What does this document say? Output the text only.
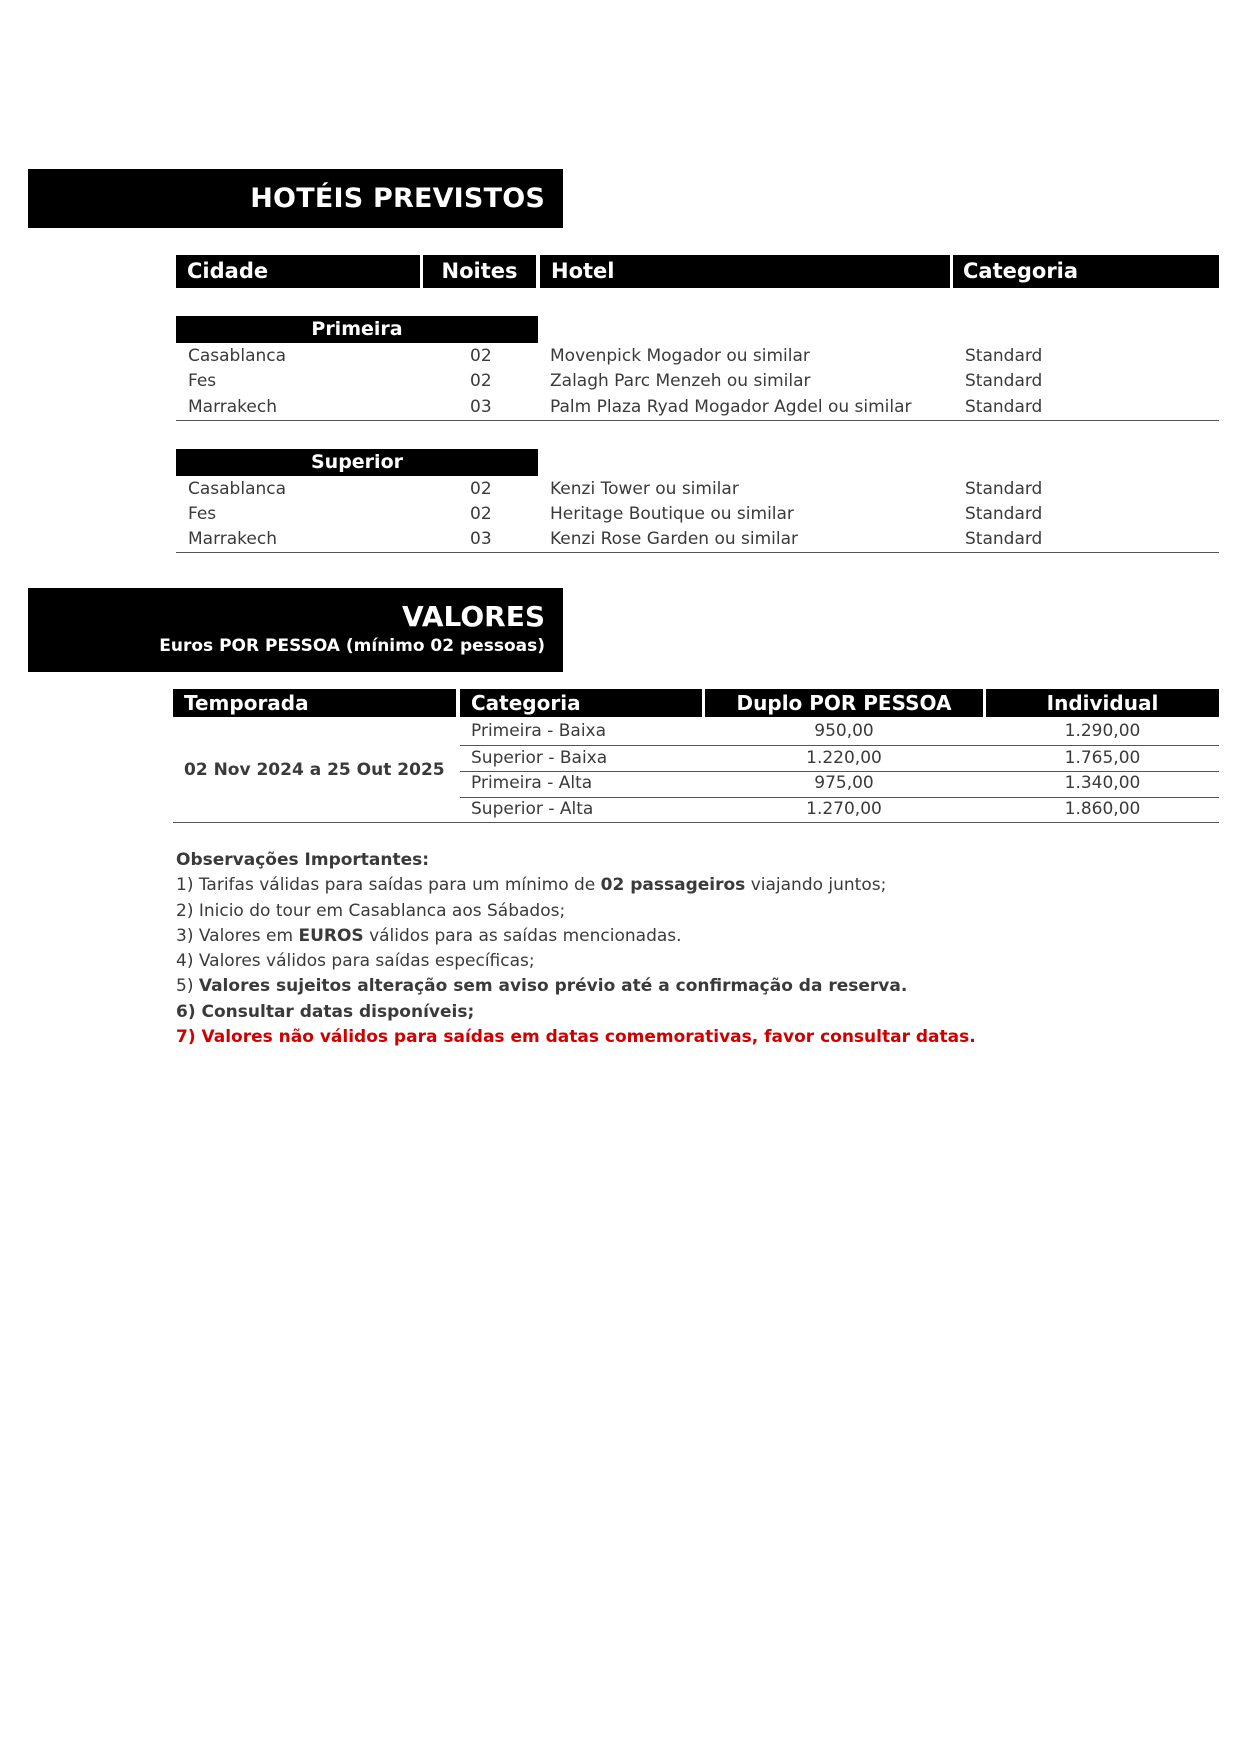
HOTÉIS PREVISTOS
Cidade	Noites	Hotel	Categoria Apartamento
Primeira
Casablanca	02	Movenpick Mogador ou similar	Standard
Fes	02	Zalagh Parc Menzeh ou similar	Standard
Marrakech	03	Palm Plaza Ryad Mogador Agdel ou similar	Standard
Superior
Casablanca	02	Kenzi Tower ou similar	Standard
Fes	02	Heritage Boutique ou similar	Standard
Marrakech	03	Kenzi Rose Garden ou similar	Standard
VALORES
Euros POR PESSOA (mínimo 02 pessoas)
Temporada	Categoria	Duplo POR PESSOA	Individual
02 Nov 2024 a 25 Out 2025
Primeira - Baixa	950,00	1.290,00
Superior - Baixa	1.220,00	1.765,00
Primeira - Alta	975,00	1.340,00
Superior - Alta	1.270,00	1.860,00
Observações Importantes:
1) Tarifas válidas para saídas para um mínimo de 02 passageiros viajando juntos;
2) Inicio do tour em Casablanca aos Sábados;
3) Valores em EUROS válidos para as saídas mencionadas.
4) Valores válidos para saídas específicas;
5) Valores sujeitos alteração sem aviso prévio até a confirmação da reserva.
6) Consultar datas disponíveis;
7) Valores não válidos para saídas em datas comemorativas, favor consultar datas.
